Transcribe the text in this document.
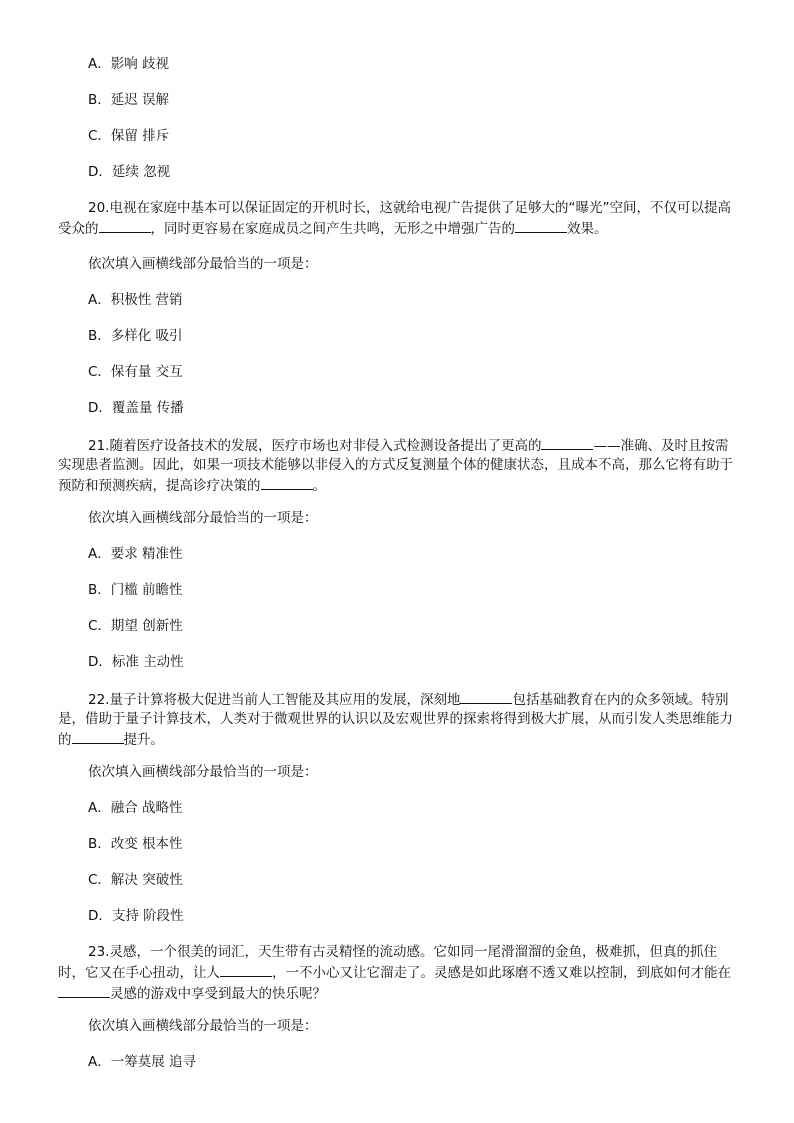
A．影响 歧视
B．延迟 误解
C．保留 排斥
D．延续 忽视

20.电视在家庭中基本可以保证固定的开机时长，这就给电视广告提供了足够大的“曝光”空间，不仅可以提高受众的	，同时更容易在家庭成员之间产生共鸣，无形之中增强广告的	效果。

依次填入画横线部分最恰当的一项是：
A．积极性 营销
B．多样化 吸引
C．保有量 交互
D．覆盖量 传播

21.随着医疗设备技术的发展，医疗市场也对非侵入式检测设备提出了更高的	——准确、及时且按需实现患者监测。因此，如果一项技术能够以非侵入的方式反复测量个体的健康状态，且成本不高，那么它将有助于预防和预测疾病，提高诊疗决策的	。

依次填入画横线部分最恰当的一项是：
A．要求 精准性
B．门槛 前瞻性
C．期望 创新性
D．标准 主动性

22.量子计算将极大促进当前人工智能及其应用的发展，深刻地	包括基础教育在内的众多领域。特别是，借助于量子计算技术，人类对于微观世界的认识以及宏观世界的探索将得到极大扩展，从而引发人类思维能力的	提升。

依次填入画横线部分最恰当的一项是：
A．融合 战略性
B．改变 根本性
C．解决 突破性
D．支持 阶段性

23.灵感，一个很美的词汇，天生带有古灵精怪的流动感。它如同一尾滑溜溜的金鱼，极难抓，但真的抓住时，它又在手心扭动，让人	，一不小心又让它溜走了。灵感是如此琢磨不透又难以控制，到底如何才能在灵感的游戏中享受到最大的快乐呢？

依次填入画横线部分最恰当的一项是：
A．一筹莫展 追寻
